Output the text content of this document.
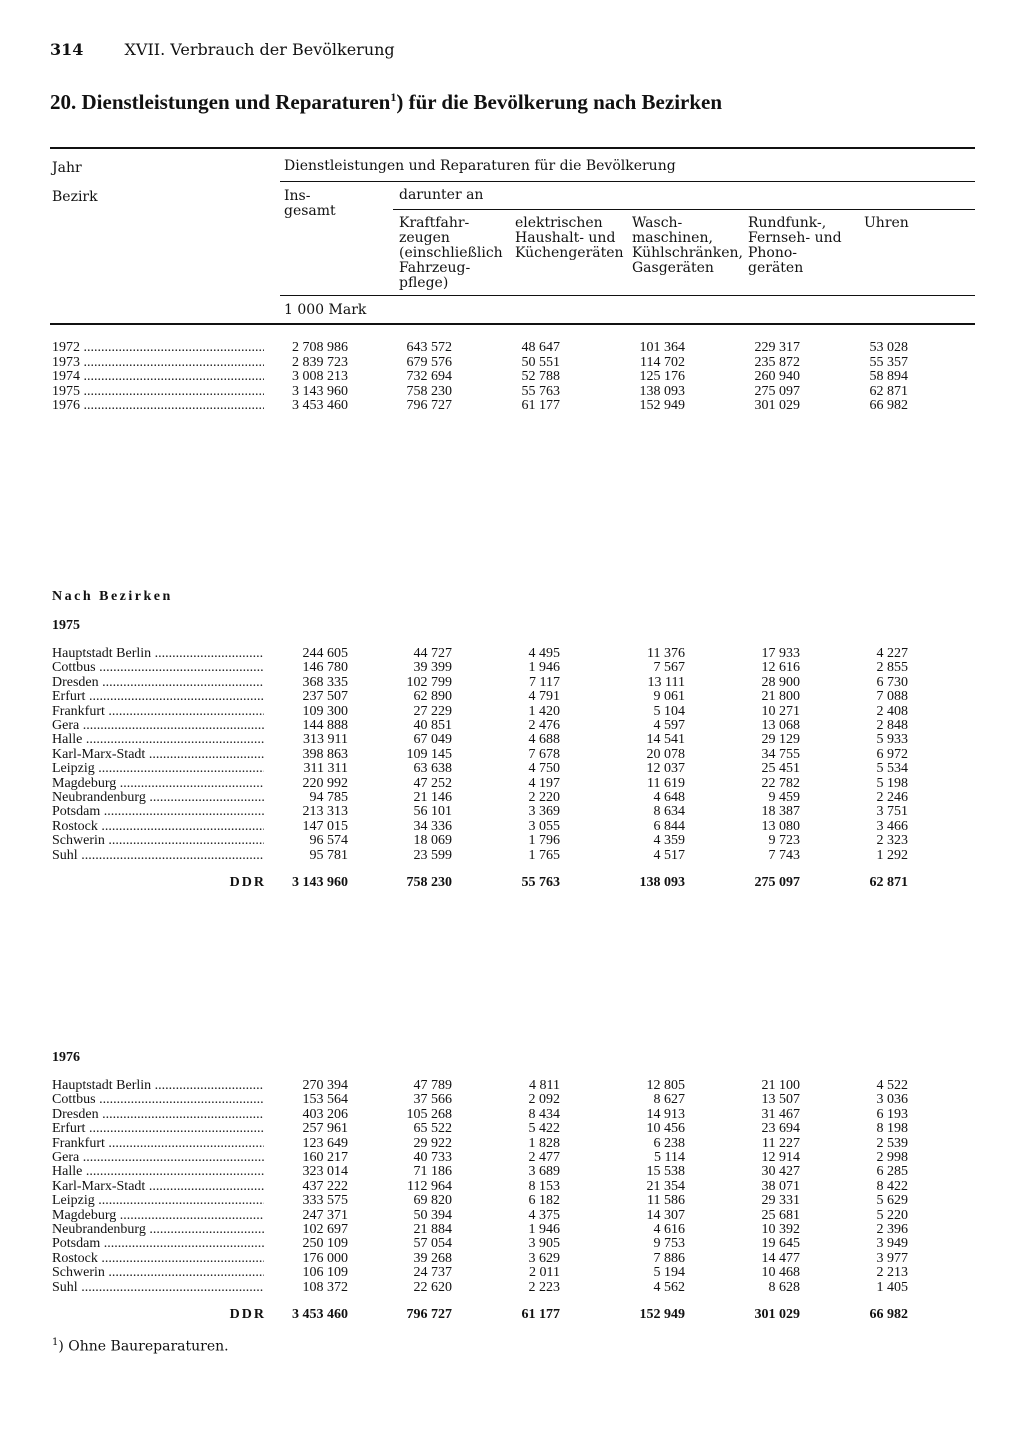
314	XVII. Verbrauch der Bevölkerung
20. Dienstleistungen und Reparaturen$^1$) für die Bevölkerung nach Bezirken
Jahr
Bezirk
Dienstleistungen und Reparaturen für die Bevölkerung
Ins- gesamt
darunter an
Kraftfahr- zeugen (einschließlich Fahrzeug- pflege)
elektrischen Haushalt- und Küchengeräten
Wasch- maschinen, Kühlschränken, Gasgeräten
Rundfunk-, Fernseh- und Phono- geräten
Uhren
1 000 Mark
1972 .....	2 708 986	643 572	48 647	101 364	229 317	53 028
1973 .....	2 839 723	679 576	50 551	114 702	235 872	55 357
1974 .....	3 008 213	732 694	52 788	125 176	260 940	58 894
1975 .....	3 143 960	758 230	55 763	138 093	275 097	62 871
1976 .....	3 453 460	796 727	61 177	152 949	301 029	66 982
Nach Bezirken
1975
Hauptstadt Berlin .....	244 605	44 727	4 495	11 376	17 933	4 227
Cottbus .....	146 780	39 399	1 946	7 567	12 616	2 855
Dresden .....	368 335	102 799	7 117	13 111	28 900	6 730
Erfurt .....	237 507	62 890	4 791	9 061	21 800	7 088
Frankfurt .....	109 300	27 229	1 420	5 104	10 271	2 408
Gera .....	144 888	40 851	2 476	4 597	13 068	2 848
Halle .....	313 911	67 049	4 688	14 541	29 129	5 933
Karl-Marx-Stadt .....	398 863	109 145	7 678	20 078	34 755	6 972
Leipzig .....	311 311	63 638	4 750	12 037	25 451	5 534
Magdeburg .....	220 992	47 252	4 197	11 619	22 782	5 198
Neubrandenburg .....	94 785	21 146	2 220	4 648	9 459	2 246
Potsdam .....	213 313	56 101	3 369	8 634	18 387	3 751
Rostock .....	147 015	34 336	3 055	6 844	13 080	3 466
Schwerin .....	96 574	18 069	1 796	4 359	9 723	2 323
Suhl .....	95 781	23 599	1 765	4 517	7 743	1 292
DDR 3 143 960	758 230	55 763	138 093	275 097	62 871
1976
Hauptstadt Berlin .....	270 394	47 789	4 811	12 805	21 100	4 522
Cottbus .....	153 564	37 566	2 092	8 627	13 507	3 036
Dresden .....	403 206	105 268	8 434	14 913	31 467	6 193
Erfurt .....	257 961	65 522	5 422	10 456	23 694	8 198
Frankfurt .....	123 649	29 922	1 828	6 238	11 227	2 539
Gera .....	160 217	40 733	2 477	5 114	12 914	2 998
Halle .....	323 014	71 186	3 689	15 538	30 427	6 285
Karl-Marx-Stadt .....	437 222	112 964	8 153	21 354	38 071	8 422
Leipzig .....	333 575	69 820	6 182	11 586	29 331	5 629
Magdeburg .....	247 371	50 394	4 375	14 307	25 681	5 220
Neubrandenburg .....	102 697	21 884	1 946	4 616	10 392	2 396
Potsdam .....	250 109	57 054	3 905	9 753	19 645	3 949
Rostock .....	176 000	39 268	3 629	7 886	14 477	3 977
Schwerin .....	106 109	24 737	2 011	5 194	10 468	2 213
Suhl .....	108 372	22 620	2 223	4 562	8 628	1 405
DDR 3 453 460	796 727	61 177	152 949	301 029	66 982
$^1$) Ohne Baureparaturen.
